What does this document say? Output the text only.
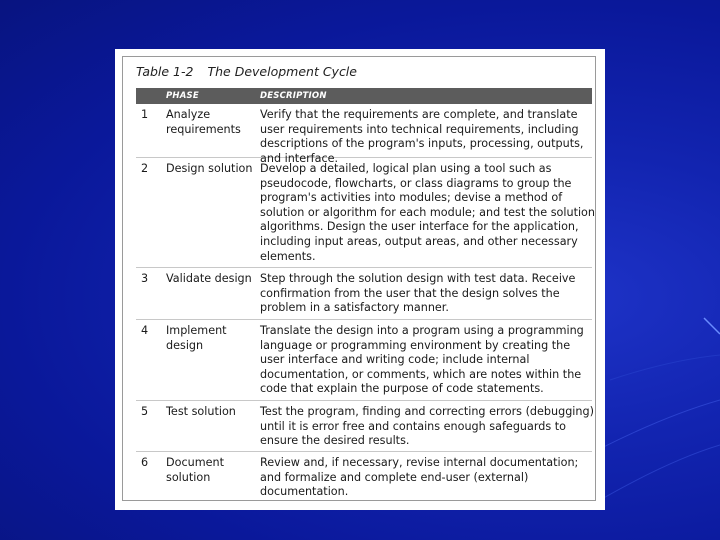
Table 1-2 The Development Cycle
PHASE	DESCRIPTION
1 Analyze requirements
Verify that the requirements are complete, and translate user requirements into technical requirements, including descriptions of the program's inputs, processing, outputs, and interface.
2 Design solution Develop a detailed, logical plan using a tool such as pseudocode, flowcharts, or class diagrams to group the program's activities into modules; devise a method of solution or algorithm for each module; and test the solution algorithms. Design the user interface for the application, including input areas, output areas, and other necessary elements.
3 Validate design Step through the solution design with test data. Receive confirmation from the user that the design solves the problem in a satisfactory manner.
4 Implement design
Translate the design into a program using a programming language or programming environment by creating the user interface and writing code; include internal documentation, or comments, which are notes within the code that explain the purpose of code statements.
5 Test solution	Test the program, finding and correcting errors (debugging) until it is error free and contains enough safeguards to ensure the desired results.
6 Document solution
Review and, if necessary, revise internal documentation; and formalize and complete end-user (external) documentation.
